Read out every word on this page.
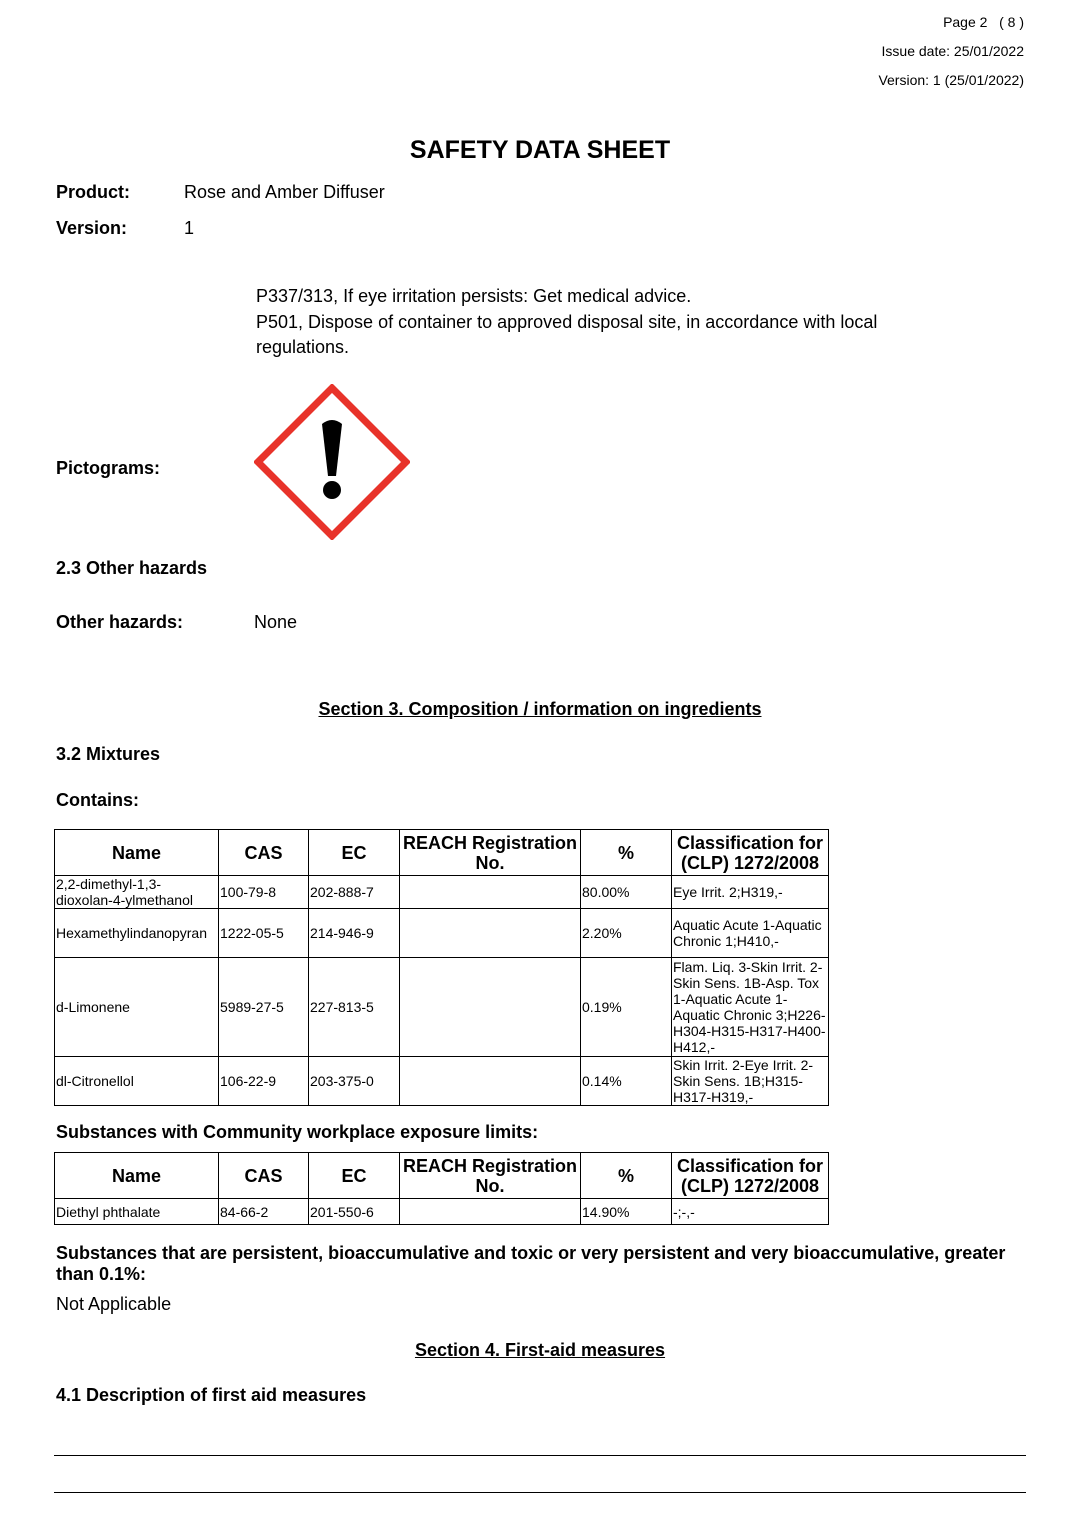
Page 2 ( 8 )
Issue date: 25/01/2022
Version: 1 (25/01/2022)
SAFETY DATA SHEET
Product:	Rose and Amber Diffuser
Version:	1
P337/313, If eye irritation persists: Get medical advice.
P501, Dispose of container to approved disposal site, in accordance with local regulations.
Pictograms:
2.3 Other hazards
Other hazards:	None
Section 3. Composition / information on ingredients
3.2 Mixtures
Contains:
Name	CAS	EC	REACH Registration No.	%	Classification for (CLP) 1272/2008
2,2-dimethyl-1,3-dioxolan-4-ylmethanol	100-79-8	202-888-7		80.00%	Eye Irrit. 2;H319,-
Hexamethylindanopyran	1222-05-5	214-946-9		2.20%	Aquatic Acute 1-Aquatic Chronic 1;H410,-
d-Limonene	5989-27-5	227-813-5		0.19%	Flam. Liq. 3-Skin Irrit. 2-Skin Sens. 1B-Asp. Tox 1-Aquatic Acute 1-Aquatic Chronic 3;H226-H304-H315-H317-H400-H412,-
dl-Citronellol	106-22-9	203-375-0		0.14%	Skin Irrit. 2-Eye Irrit. 2-Skin Sens. 1B;H315-H317-H319,-
Substances with Community workplace exposure limits:
Name	CAS	EC	REACH Registration No.	%	Classification for (CLP) 1272/2008
Diethyl phthalate	84-66-2	201-550-6		14.90%	-;-,-
Substances that are persistent, bioaccumulative and toxic or very persistent and very bioaccumulative, greater than 0.1%:
Not Applicable
Section 4. First-aid measures
4.1 Description of first aid measures
